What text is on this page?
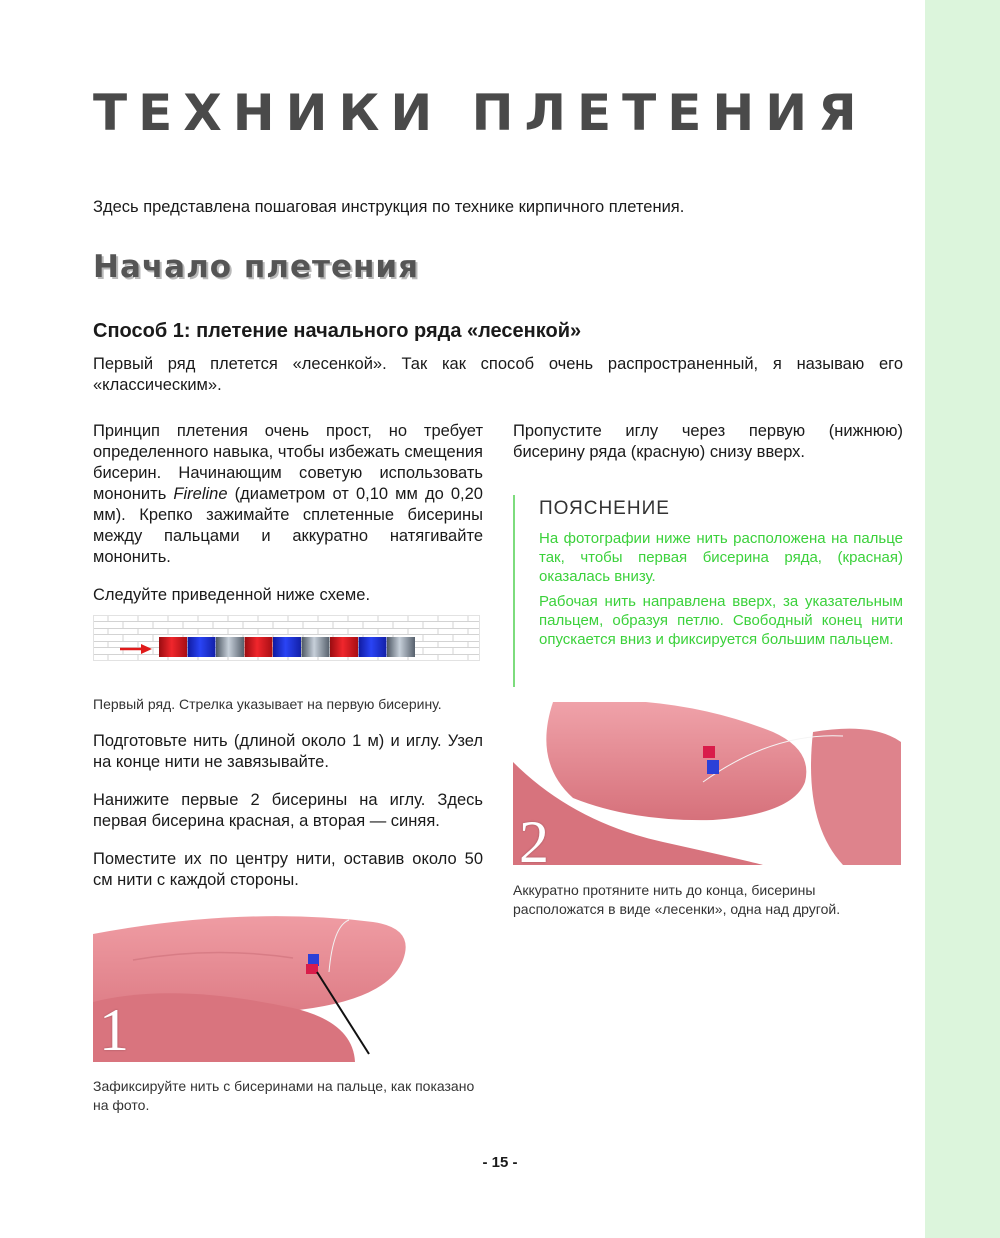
ТЕХНИКИ ПЛЕТЕНИЯ

Здесь представлена пошаговая инструкция по технике кирпичного плетения.

Начало плетения
Способ 1: плетение начального ряда «лесенкой»

Первый ряд плетется «лесенкой». Так как способ очень распространенный, я называю его «классическим».

Принцип плетения очень прост, но требует определенного навыка, чтобы избежать смещения бисерин. Начинающим советую использовать мононить Fireline (диаметром от 0,10 мм до 0,20 мм). Крепко зажимайте сплетенные бисерины между пальцами и аккуратно натягивайте мононить.

Следуйте приведенной ниже схеме.

Первый ряд. Стрелка указывает на первую бисерину.

Подготовьте нить (длиной около 1 м) и иглу. Узел на конце нити не завязывайте.

Нанижите первые 2 бисерины на иглу. Здесь первая бисерина красная, а вторая — синяя.

Поместите их по центру нити, оставив около 50 см нити с каждой стороны.

1

Зафиксируйте нить с бисеринами на пальце, как показано на фото.

Пропустите иглу через первую (нижнюю) бисерину ряда (красную) снизу вверх.

ПОЯСНЕНИЕ

На фотографии ниже нить расположена на пальце так, чтобы первая бисерина ряда, (красная) оказалась внизу.

Рабочая нить направлена вверх, за указательным пальцем, образуя петлю. Свободный конец нити опускается вниз и фиксируется большим пальцем.

2

Аккуратно протяните нить до конца, бисерины расположатся в виде «лесенки», одна над другой.

- 15 -
